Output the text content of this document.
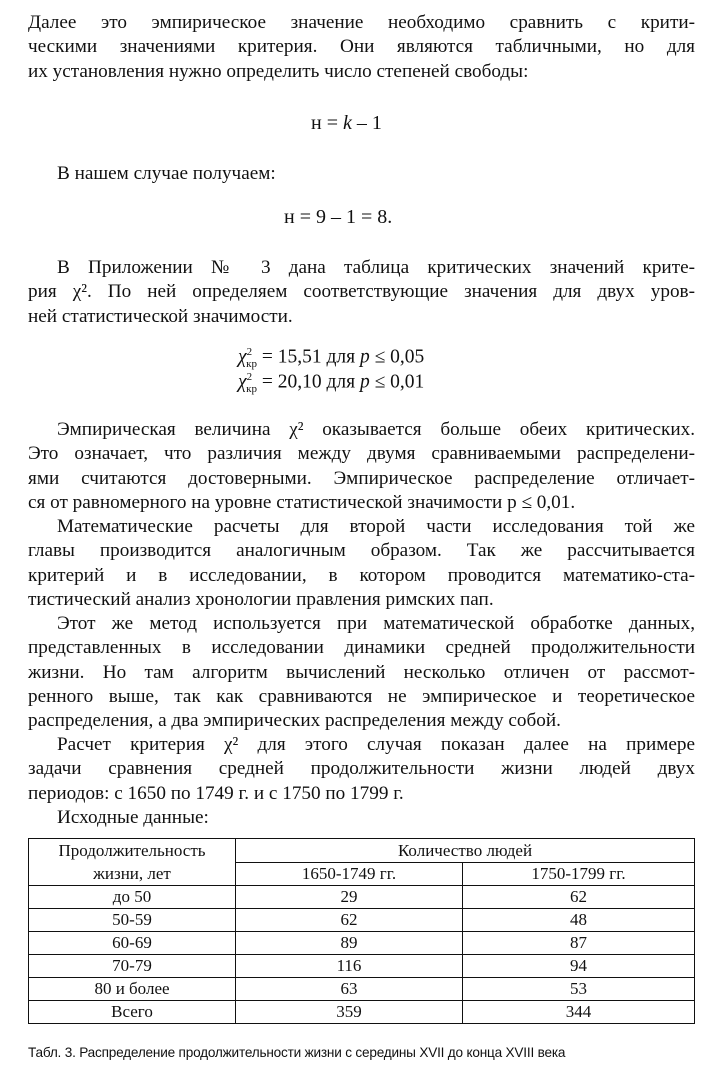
Далее это эмпирическое значение необходимо сравнить с крити-
ческими значениями критерия. Они являются табличными, но для
их установления нужно определить число степеней свободы:
н = k – 1
В нашем случае получаем:
н = 9 – 1 = 8.
В Приложении № 3 дана таблица критических значений крите-
рия χ². По ней определяем соответствующие значения для двух уров-
ней статистической значимости.
$\chi^2_{кр} = 15,51$ для p ≤ 0,05
$\chi^2_{кр} = 20,10$ для p ≤ 0,01
Эмпирическая величина χ² оказывается больше обеих критических.
Это означает, что различия между двумя сравниваемыми распределени-
ями считаются достоверными. Эмпирическое распределение отличает-
ся от равномерного на уровне статистической значимости p ≤ 0,01.
Математические расчеты для второй части исследования той же
главы производится аналогичным образом. Так же рассчитывается
критерий и в исследовании, в котором проводится математико-ста-
тистический анализ хронологии правления римских пап.
Этот же метод используется при математической обработке данных,
представленных в исследовании динамики средней продолжительности
жизни. Но там алгоритм вычислений несколько отличен от рассмот-
ренного выше, так как сравниваются не эмпирическое и теоретическое
распределения, а два эмпирических распределения между собой.
Расчет критерия χ² для этого случая показан далее на примере
задачи сравнения средней продолжительности жизни людей двух
периодов: с 1650 по 1749 г. и с 1750 по 1799 г.
Исходные данные:
Продолжительность	Количество людей	
жизни, лет	1650-1749 гг.	1750-1799 гг.
до 50	29	62
50-59	62	48
60-69	89	87
70-79	116	94
80 и более	63	53
Всего	359	344
Табл. 3. Распределение продолжительности жизни с середины XVII до конца XVIII века
